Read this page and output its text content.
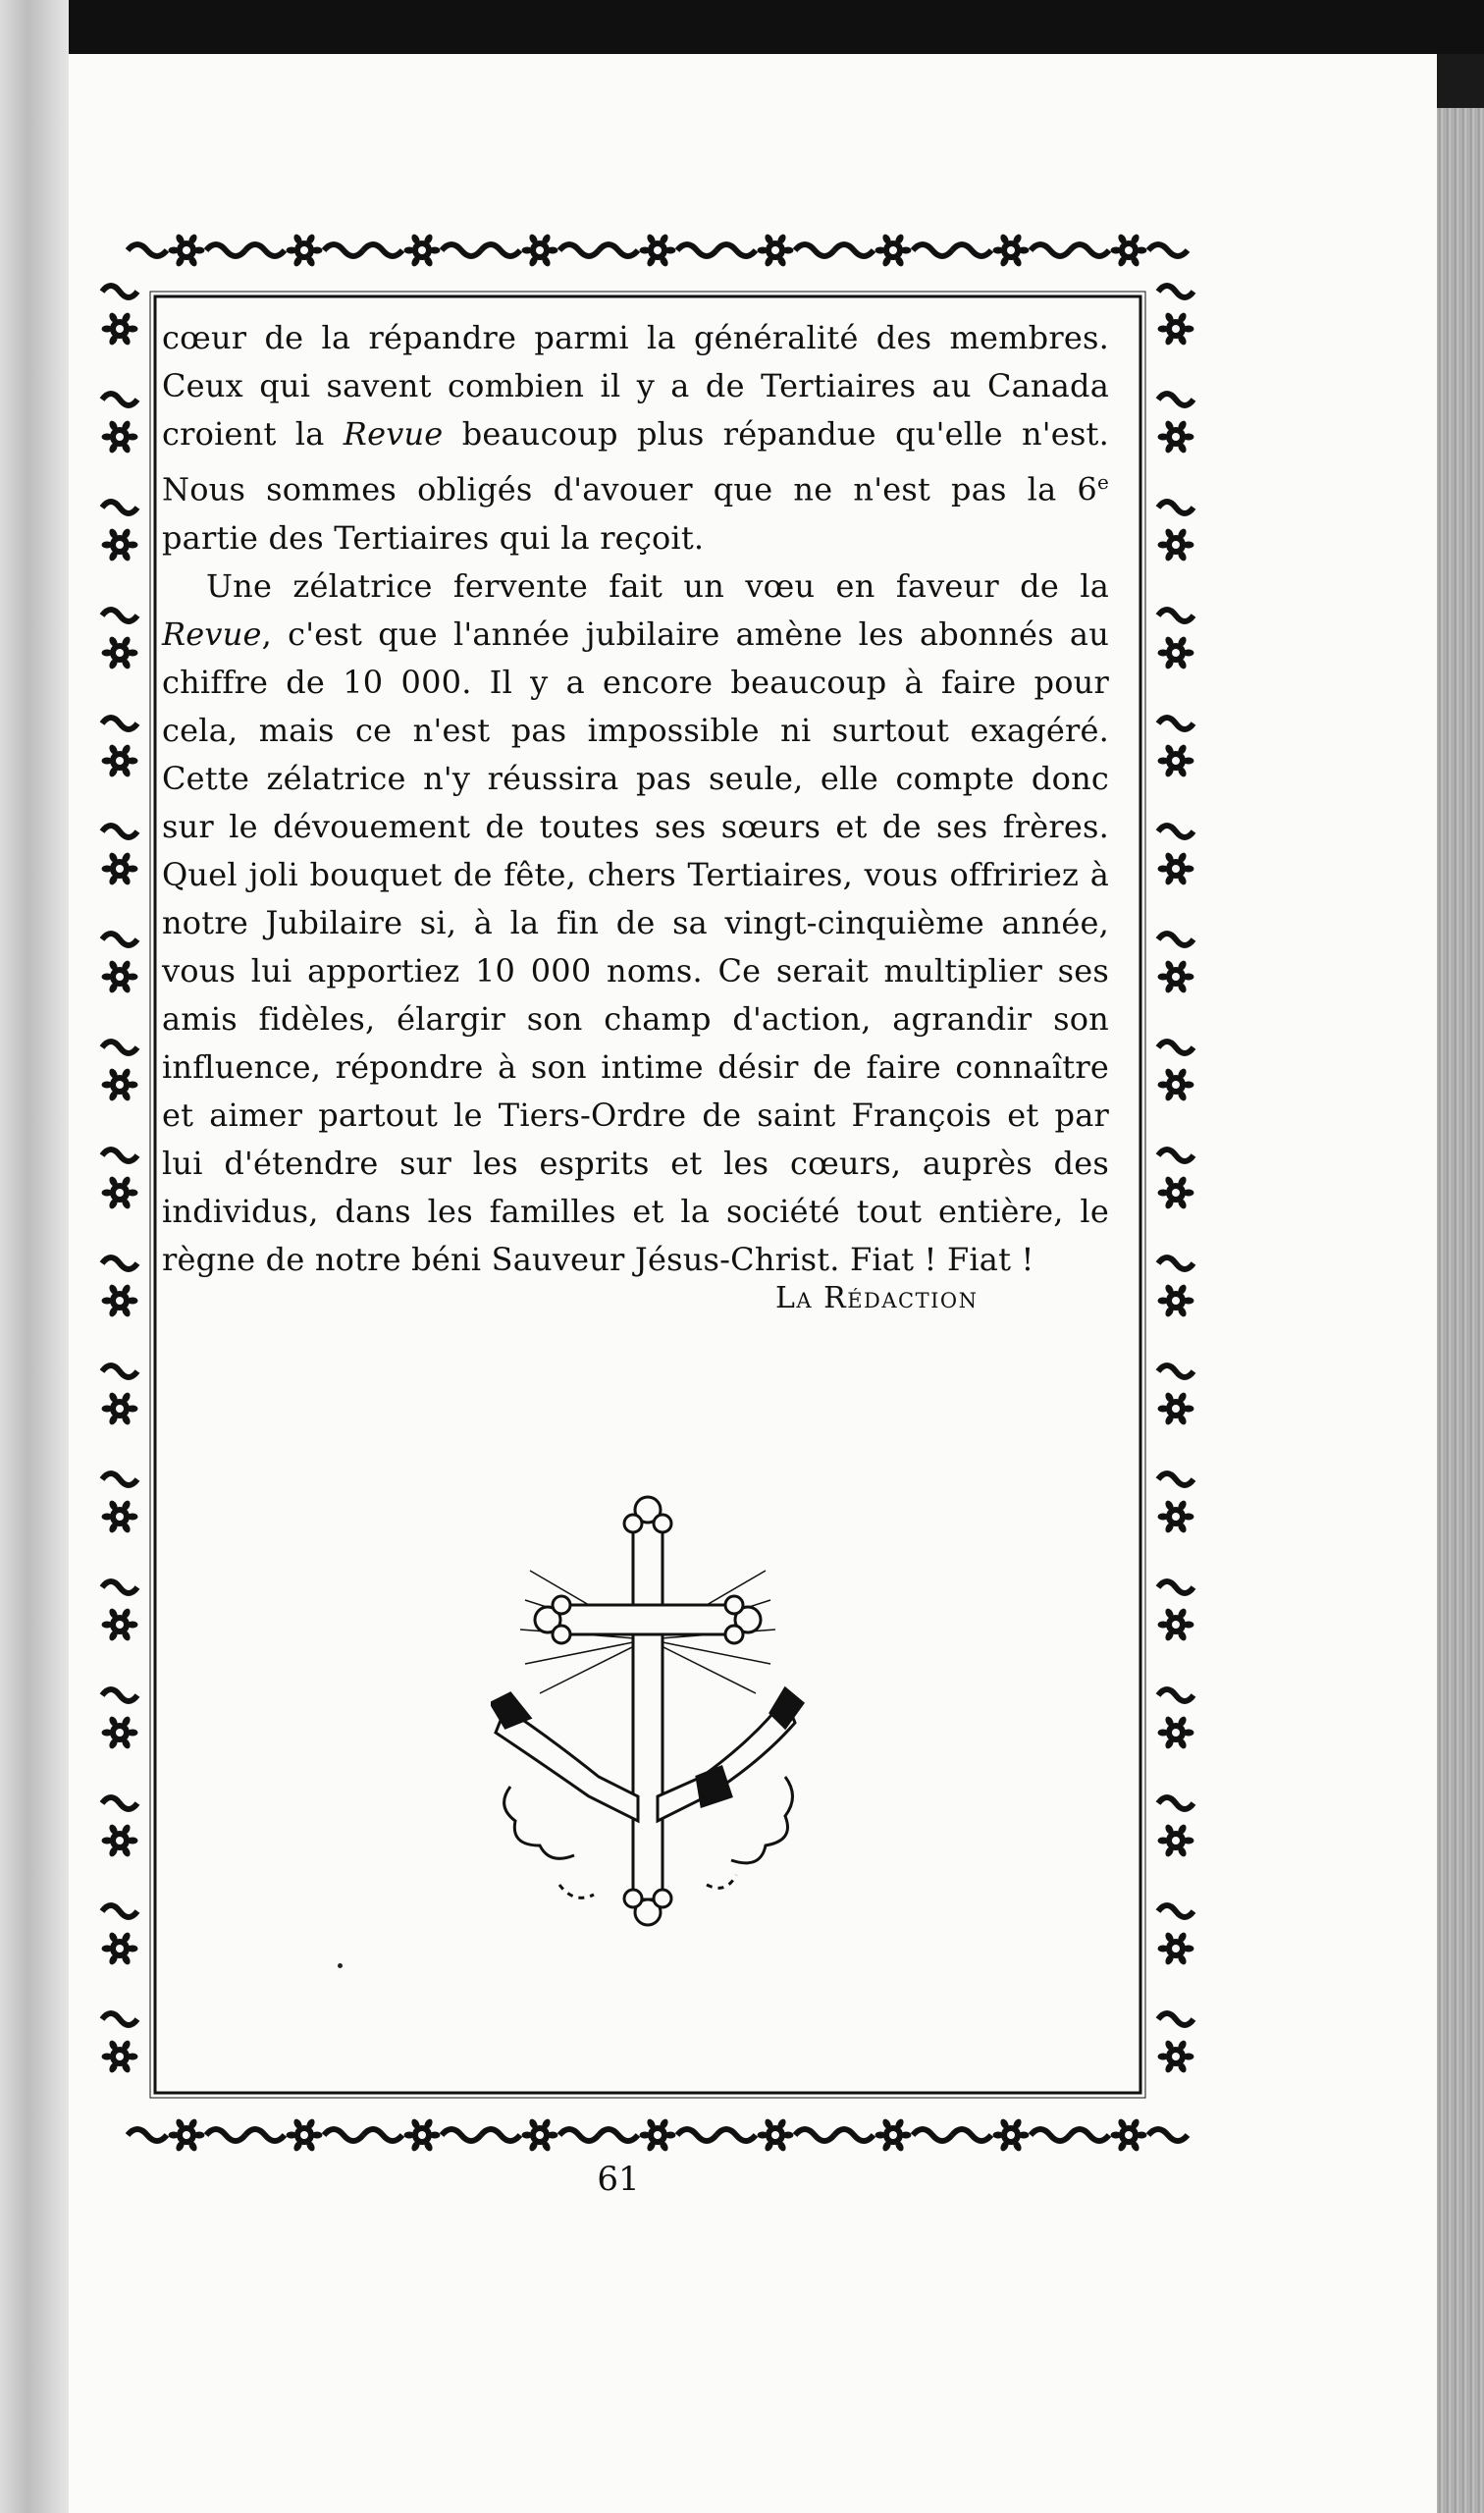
cœur de la répandre parmi la généralité des membres. Ceux qui savent combien il y a de Tertiaires au Canada croient la Revue beaucoup plus répandue qu'elle n'est. Nous sommes obligés d'avouer que ne n'est pas la 6e partie des Tertiaires qui la reçoit.

Une zélatrice fervente fait un vœu en faveur de la Revue, c'est que l'année jubilaire amène les abonnés au chiffre de 10 000. Il y a encore beaucoup à faire pour cela, mais ce n'est pas impossible ni surtout exagéré. Cette zélatrice n'y réussira pas seule, elle compte donc sur le dévouement de toutes ses sœurs et de ses frères. Quel joli bouquet de fête, chers Tertiaires, vous offririez à notre Jubilaire si, à la fin de sa vingt-cinquième année, vous lui apportiez 10 000 noms. Ce serait multiplier ses amis fidèles, élargir son champ d'action, agrandir son influence, répondre à son intime désir de faire connaître et aimer partout le Tiers-Ordre de saint François et par lui d'étendre sur les esprits et les cœurs, auprès des individus, dans les familles et la société tout entière, le règne de notre béni Sauveur Jésus-Christ. Fiat ! Fiat !

La Rédaction
61
